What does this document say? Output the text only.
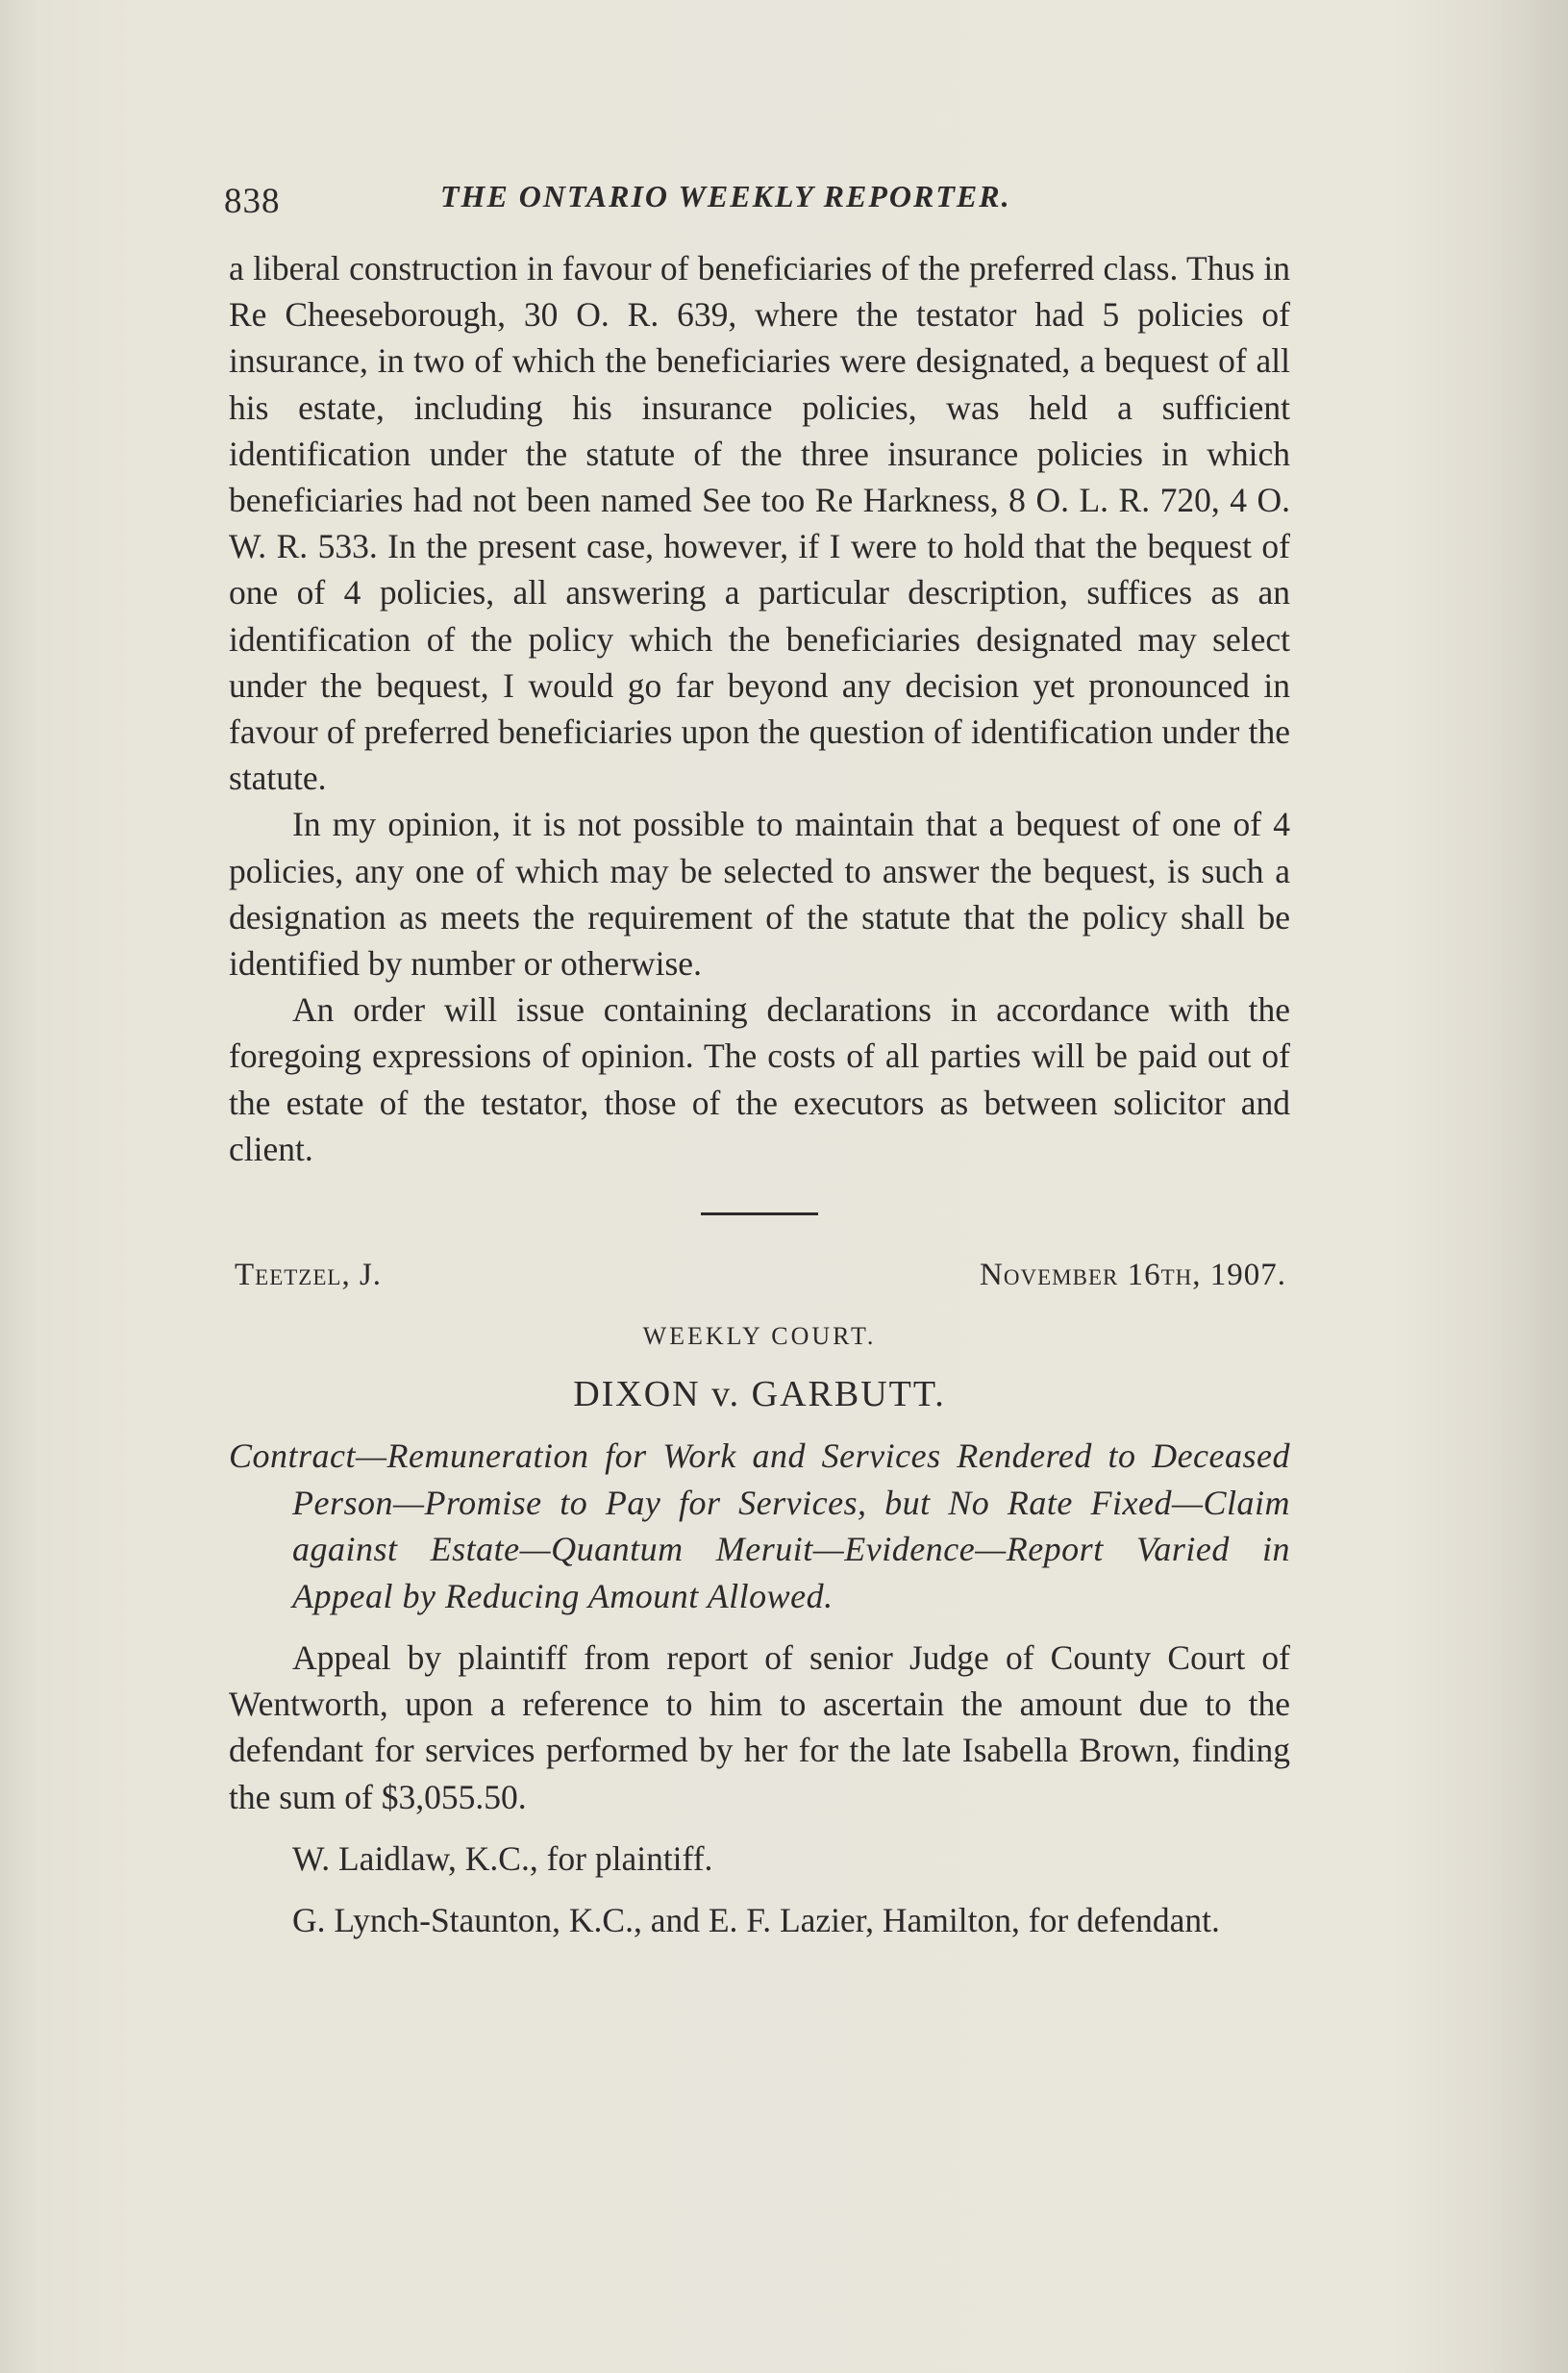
838	THE ONTARIO WEEKLY REPORTER.

a liberal construction in favour of beneficiaries of the preferred class. Thus in Re Cheeseborough, 30 O. R. 639, where the testator had 5 policies of insurance, in two of which the beneficiaries were designated, a bequest of all his estate, including his insurance policies, was held a sufficient identification under the statute of the three insurance policies in which beneficiaries had not been named See too Re Harkness, 8 O. L. R. 720, 4 O. W. R. 533. In the present case, however, if I were to hold that the bequest of one of 4 policies, all answering a particular description, suffices as an identification of the policy which the beneficiaries designated may select under the bequest, I would go far beyond any decision yet pronounced in favour of preferred beneficiaries upon the question of identification under the statute.

In my opinion, it is not possible to maintain that a bequest of one of 4 policies, any one of which may be selected to answer the bequest, is such a designation as meets the requirement of the statute that the policy shall be identified by number or otherwise.

An order will issue containing declarations in accordance with the foregoing expressions of opinion. The costs of all parties will be paid out of the estate of the testator, those of the executors as between solicitor and client.

Teetzel, J.	November 16th, 1907.
WEEKLY COURT.
DIXON v. GARBUTT.

Contract—Remuneration for Work and Services Rendered to Deceased Person—Promise to Pay for Services, but No Rate Fixed—Claim against Estate—Quantum Meruit—Evidence—Report Varied in Appeal by Reducing Amount Allowed.

Appeal by plaintiff from report of senior Judge of County Court of Wentworth, upon a reference to him to ascertain the amount due to the defendant for services performed by her for the late Isabella Brown, finding the sum of $3,055.50.

W. Laidlaw, K.C., for plaintiff.

G. Lynch-Staunton, K.C., and E. F. Lazier, Hamilton, for defendant.
